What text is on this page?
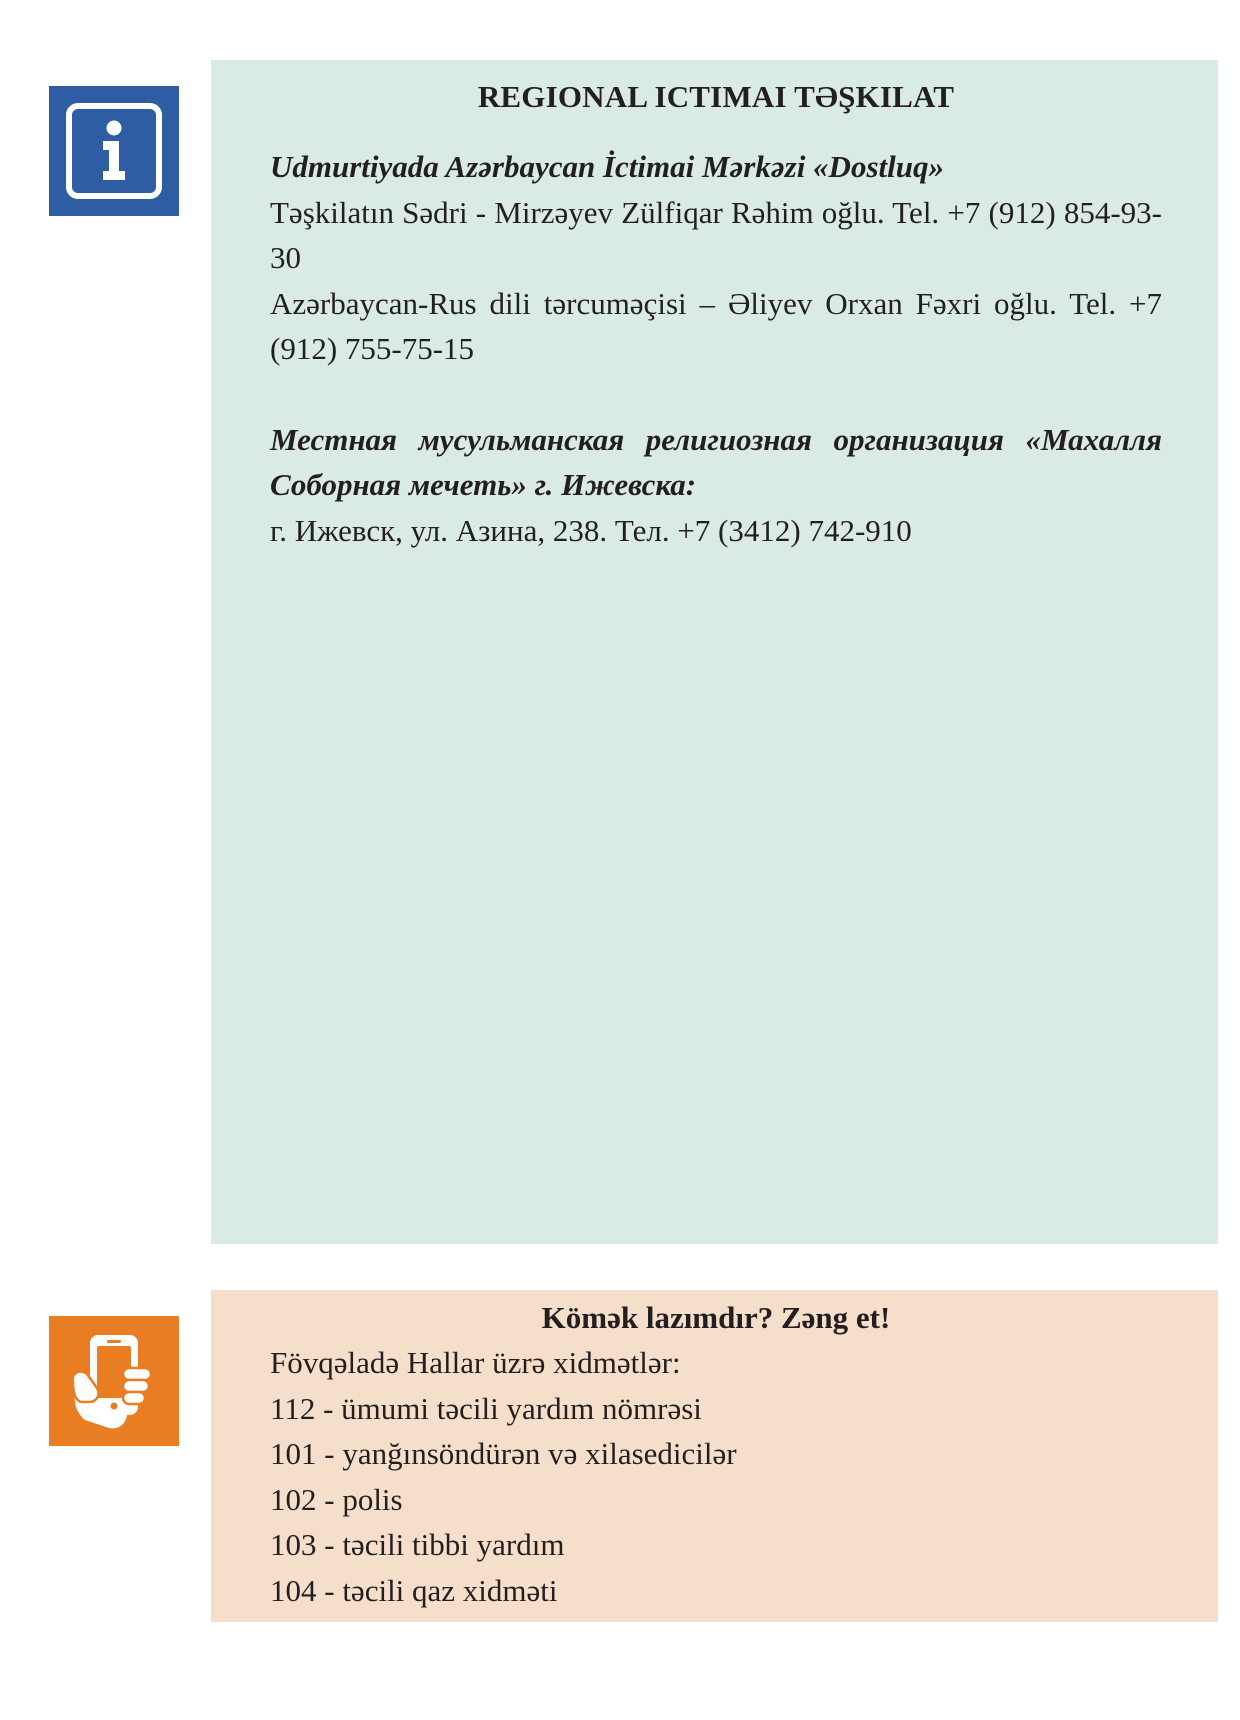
REGIONAL ICTIMAI TƏŞKILAT

Udmurtiyada Azərbaycan İctimai Mərkəzi «Dostluq»

Təşkilatın Sədri - Mirzəyev Zülfiqar Rəhim oğlu. Tel. +7 (912) 854-93-30

Azərbaycan-Rus dili tərcuməçisi – Əliyev Orxan Fəxri oğlu. Tel. +7 (912) 755-75-15

Местная мусульманская религиозная организация «Махалля Соборная мечеть» г. Ижевска:

г. Ижевск, ул. Азина, 238. Тел. +7 (3412) 742-910

Kömək lazımdır? Zəng et!
Fövqəladə Hallar üzrə xidmətlər:
112 - ümumi təcili yardım nömrəsi
101 - yanğınsöndürən və xilasedicilər
102 - polis
103 - təcili tibbi yardım
104 - təcili qaz xidməti
